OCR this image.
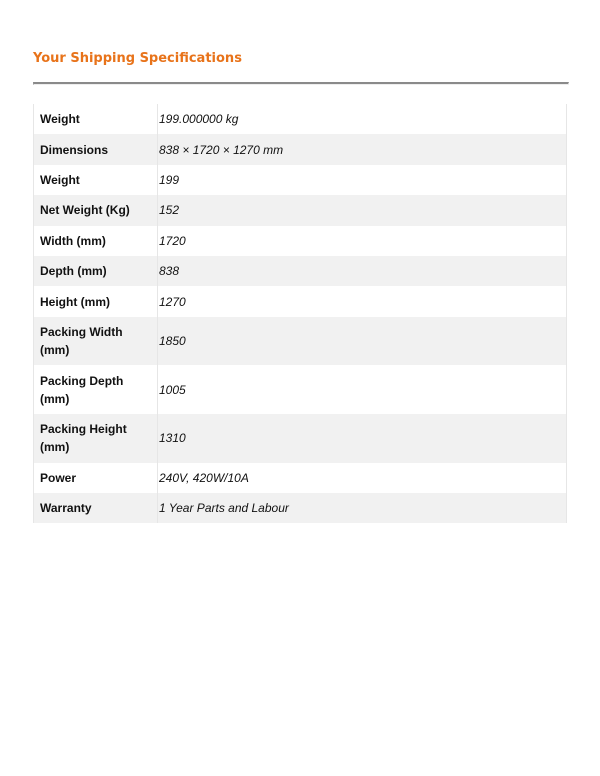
Your Shipping Specifications
Weight	199.000000 kg
Dimensions	838 × 1720 × 1270 mm
Weight	199
Net Weight (Kg)	152
Width (mm)	1720
Depth (mm)	838
Height (mm)	1270
Packing Width (mm)	1850
Packing Depth (mm)	1005
Packing Height (mm)	1310
Power	240V, 420W/10A
Warranty	1 Year Parts and Labour
